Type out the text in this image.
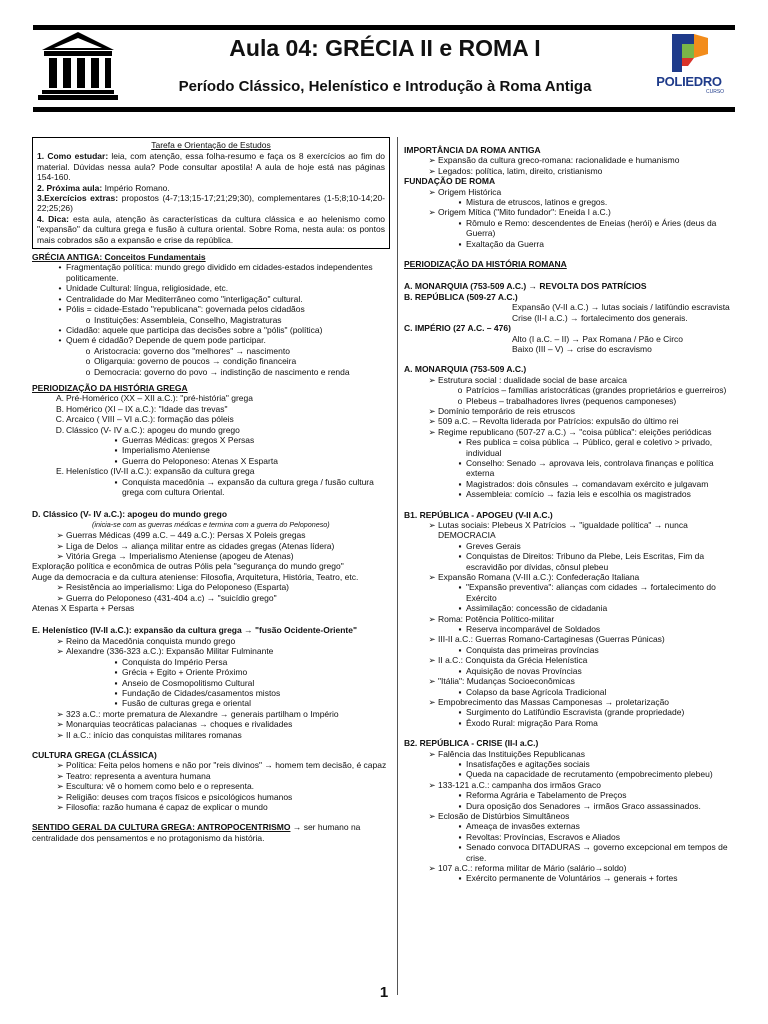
Aula 04: GRÉCIA II e ROMA I
Período Clássico, Helenístico e Introdução à Roma Antiga	POLIEDRO
CURSO
Tarefa e Orientação de Estudos

1. Como estudar: leia, com atenção, essa folha-resumo e faça os 8 exercícios ao fim do material. Dúvidas nessa aula? Pode consultar apostila! A aula de hoje está nas páginas 154-160.

2. Próxima aula: Império Romano.

3.Exercícios extras: propostos (4-7;13;15-17;21;29;30), complementares (1-5;8;10-14;20-22;25;26)

4. Dica: esta aula, atenção às características da cultura clássica e ao helenismo como "expansão" da cultura grega e fusão à cultura oriental. Sobre Roma, nesta aula: os pontos mais cobrados são a expansão e crise da república.

GRÉCIA ANTIGA: Conceitos Fundamentais
• Fragmentação política: mundo grego dividido em cidades-estados independentes politicamente.
• Unidade Cultural: língua, religiosidade, etc.
• Centralidade do Mar Mediterrâneo como "interligação" cultural.
• Pólis = cidade-Estado "republicana": governada pelos cidadãos
o Instituições: Assembleia, Conselho, Magistraturas
• Cidadão: aquele que participa das decisões sobre a "pólis" (política)
• Quem é cidadão? Depende de quem pode participar.
o Aristocracia: governo dos "melhores" → nascimento
o Oligarquia: governo de poucos → condição financeira
o Democracia: governo do povo → indistinção de nascimento e renda
PERIODIZAÇÃO DA HISTÓRIA GREGA
A. Pré-Homérico (XX – XII a.C.): "pré-história" grega
B. Homérico (XI – IX a.C.): "Idade das trevas"
C. Arcaico ( VIII – VI a.C.): formação das póleis
D. Clássico (V- IV a.C.): apogeu do mundo grego
▪ Guerras Médicas: gregos X Persas
▪ Imperialismo Ateniense
▪ Guerra do Peloponeso: Atenas X Esparta
E. Helenístico (IV-II a.C.): expansão da cultura grega
▪ Conquista macedônia → expansão da cultura grega / fusão cultura grega com cultura Oriental.
D. Clássico (V- IV a.C.): apogeu do mundo grego
(inicia-se com as guerras médicas e termina com a guerra do Peloponeso)
➢ Guerras Médicas (499 a.C. – 449 a.C.): Persas X Poleis gregas
➢ Liga de Delos → aliança militar entre as cidades gregas (Atenas lídera)
➢ Vitória Grega → Imperialismo Ateniense (apogeu de Atenas)
Exploração política e econômica de outras Pólis pela "segurança do mundo grego"
Auge da democracia e da cultura ateniense: Filosofia, Arquitetura, História, Teatro, etc.
➢ Resistência ao imperialismo: Liga do Peloponeso (Esparta)
➢ Guerra do Peloponeso (431-404 a.c) → "suicídio grego"
Atenas X Esparta + Persas
E. Helenístico (IV-II a.C.): expansão da cultura grega → "fusão Ocidente-Oriente"
➢ Reino da Macedônia conquista mundo grego
➢ Alexandre (336-323 a.C.): Expansão Militar Fulminante
▪ Conquista do Império Persa
▪ Grécia + Egito + Oriente Próximo
▪ Anseio de Cosmopolitismo Cultural
▪ Fundação de Cidades/casamentos mistos
▪ Fusão de culturas grega e oriental
➢ 323 a.C.: morte prematura de Alexandre → generais partilham o Império
➢ Monarquias teocráticas palacianas → choques e rivalidades
➢ II a.C.: início das conquistas militares romanas
CULTURA GREGA (CLÁSSICA)
➢ Política: Feita pelos homens e não por "reis divinos" → homem tem decisão, é capaz
➢ Teatro: representa a aventura humana
➢ Escultura: vê o homem como belo e o representa.
➢ Religião: deuses com traços físicos e psicológicos humanos
➢ Filosofia: razão humana é capaz de explicar o mundo
SENTIDO GERAL DA CULTURA GREGA: ANTROPOCENTRISMO → ser humano na centralidade dos pensamentos e no protagonismo da história.
IMPORTÂNCIA DA ROMA ANTIGA
➢ Expansão da cultura greco-romana: racionalidade e humanismo
➢ Legados: política, latim, direito, cristianismo
FUNDAÇÃO DE ROMA
➢ Origem Histórica
▪ Mistura de etruscos, latinos e gregos.
➢ Origem Mítica ("Mito fundador": Eneida I a.C.)
▪ Rômulo e Remo: descendentes de Eneias (herói) e Áries (deus da Guerra)
▪ Exaltação da Guerra
PERIODIZAÇÃO DA HISTÓRIA ROMANA
A. MONARQUIA (753-509 A.C.) → REVOLTA DOS PATRÍCIOS
B. REPÚBLICA (509-27 A.C.)
Expansão (V-II a.C.) → lutas sociais / latifúndio escravista
Crise (II-I a.C.) → fortalecimento dos generais.
C. IMPÉRIO (27 A.C. – 476)
Alto (I a.C. – II) → Pax Romana / Pão e Circo
Baixo (III – V) → crise do escravismo
A. MONARQUIA (753-509 A.C.)
➢ Estrutura social : dualidade social de base arcaica
o Patrícios – famílias aristocráticas (grandes proprietários e guerreiros)
o Plebeus – trabalhadores livres (pequenos camponeses)
➢ Domínio temporário de reis etruscos
➢ 509 a.C. – Revolta liderada por Patrícios: expulsão do último rei
➢ Regime republicano (507-27 a.C.) → "coisa pública": eleições periódicas
▪ Res publica = coisa pública → Público, geral e coletivo > privado, individual
▪ Conselho: Senado → aprovava leis, controlava finanças e política externa
▪ Magistrados: dois cônsules → comandavam exército e julgavam
▪ Assembleia: comício → fazia leis e escolhia os magistrados
B1. REPÚBLICA - APOGEU (V-II A.C.)
➢ Lutas sociais: Plebeus X Patrícios → "igualdade política" → nunca DEMOCRACIA
▪ Greves Gerais
▪ Conquistas de Direitos: Tribuno da Plebe, Leis Escritas, Fim da escravidão por dívidas, cônsul plebeu
➢ Expansão Romana (V-III a.C.): Confederação Italiana
▪ "Expansão preventiva": alianças com cidades → fortalecimento do Exército
▪ Assimilação: concessão de cidadania
➢ Roma: Potência Político-militar
▪ Reserva incomparável de Soldados
➢ III-II a.C.: Guerras Romano-Cartaginesas (Guerras Púnicas)
▪ Conquista das primeiras províncias
➢ II a.C.: Conquista da Grécia Helenística
▪ Aquisição de novas Províncias
➢ "Itália": Mudanças Socioeconômicas
▪ Colapso da base Agrícola Tradicional
➢ Empobrecimento das Massas Camponesas → proletarização
▪ Surgimento do Latifúndio Escravista (grande propriedade)
▪ Êxodo Rural: migração Para Roma
B2. REPÚBLICA - CRISE (II-I a.C.)
➢ Falência das Instituições Republicanas
▪ Insatisfações e agitações sociais
▪ Queda na capacidade de recrutamento (empobrecimento plebeu)
➢ 133-121 a.C.: campanha dos irmãos Graco
▪ Reforma Agrária e Tabelamento de Preços
▪ Dura oposição dos Senadores → irmãos Graco assassinados.
➢ Eclosão de Distúrbios Simultâneos
▪ Ameaça de invasões externas
▪ Revoltas: Províncias, Escravos e Aliados
▪ Senado convoca DITADURAS → governo excepcional em tempos de crise.
➢ 107 a.C.: reforma militar de Mário (salário→soldo)
▪ Exército permanente de Voluntários → generais + fortes
1
